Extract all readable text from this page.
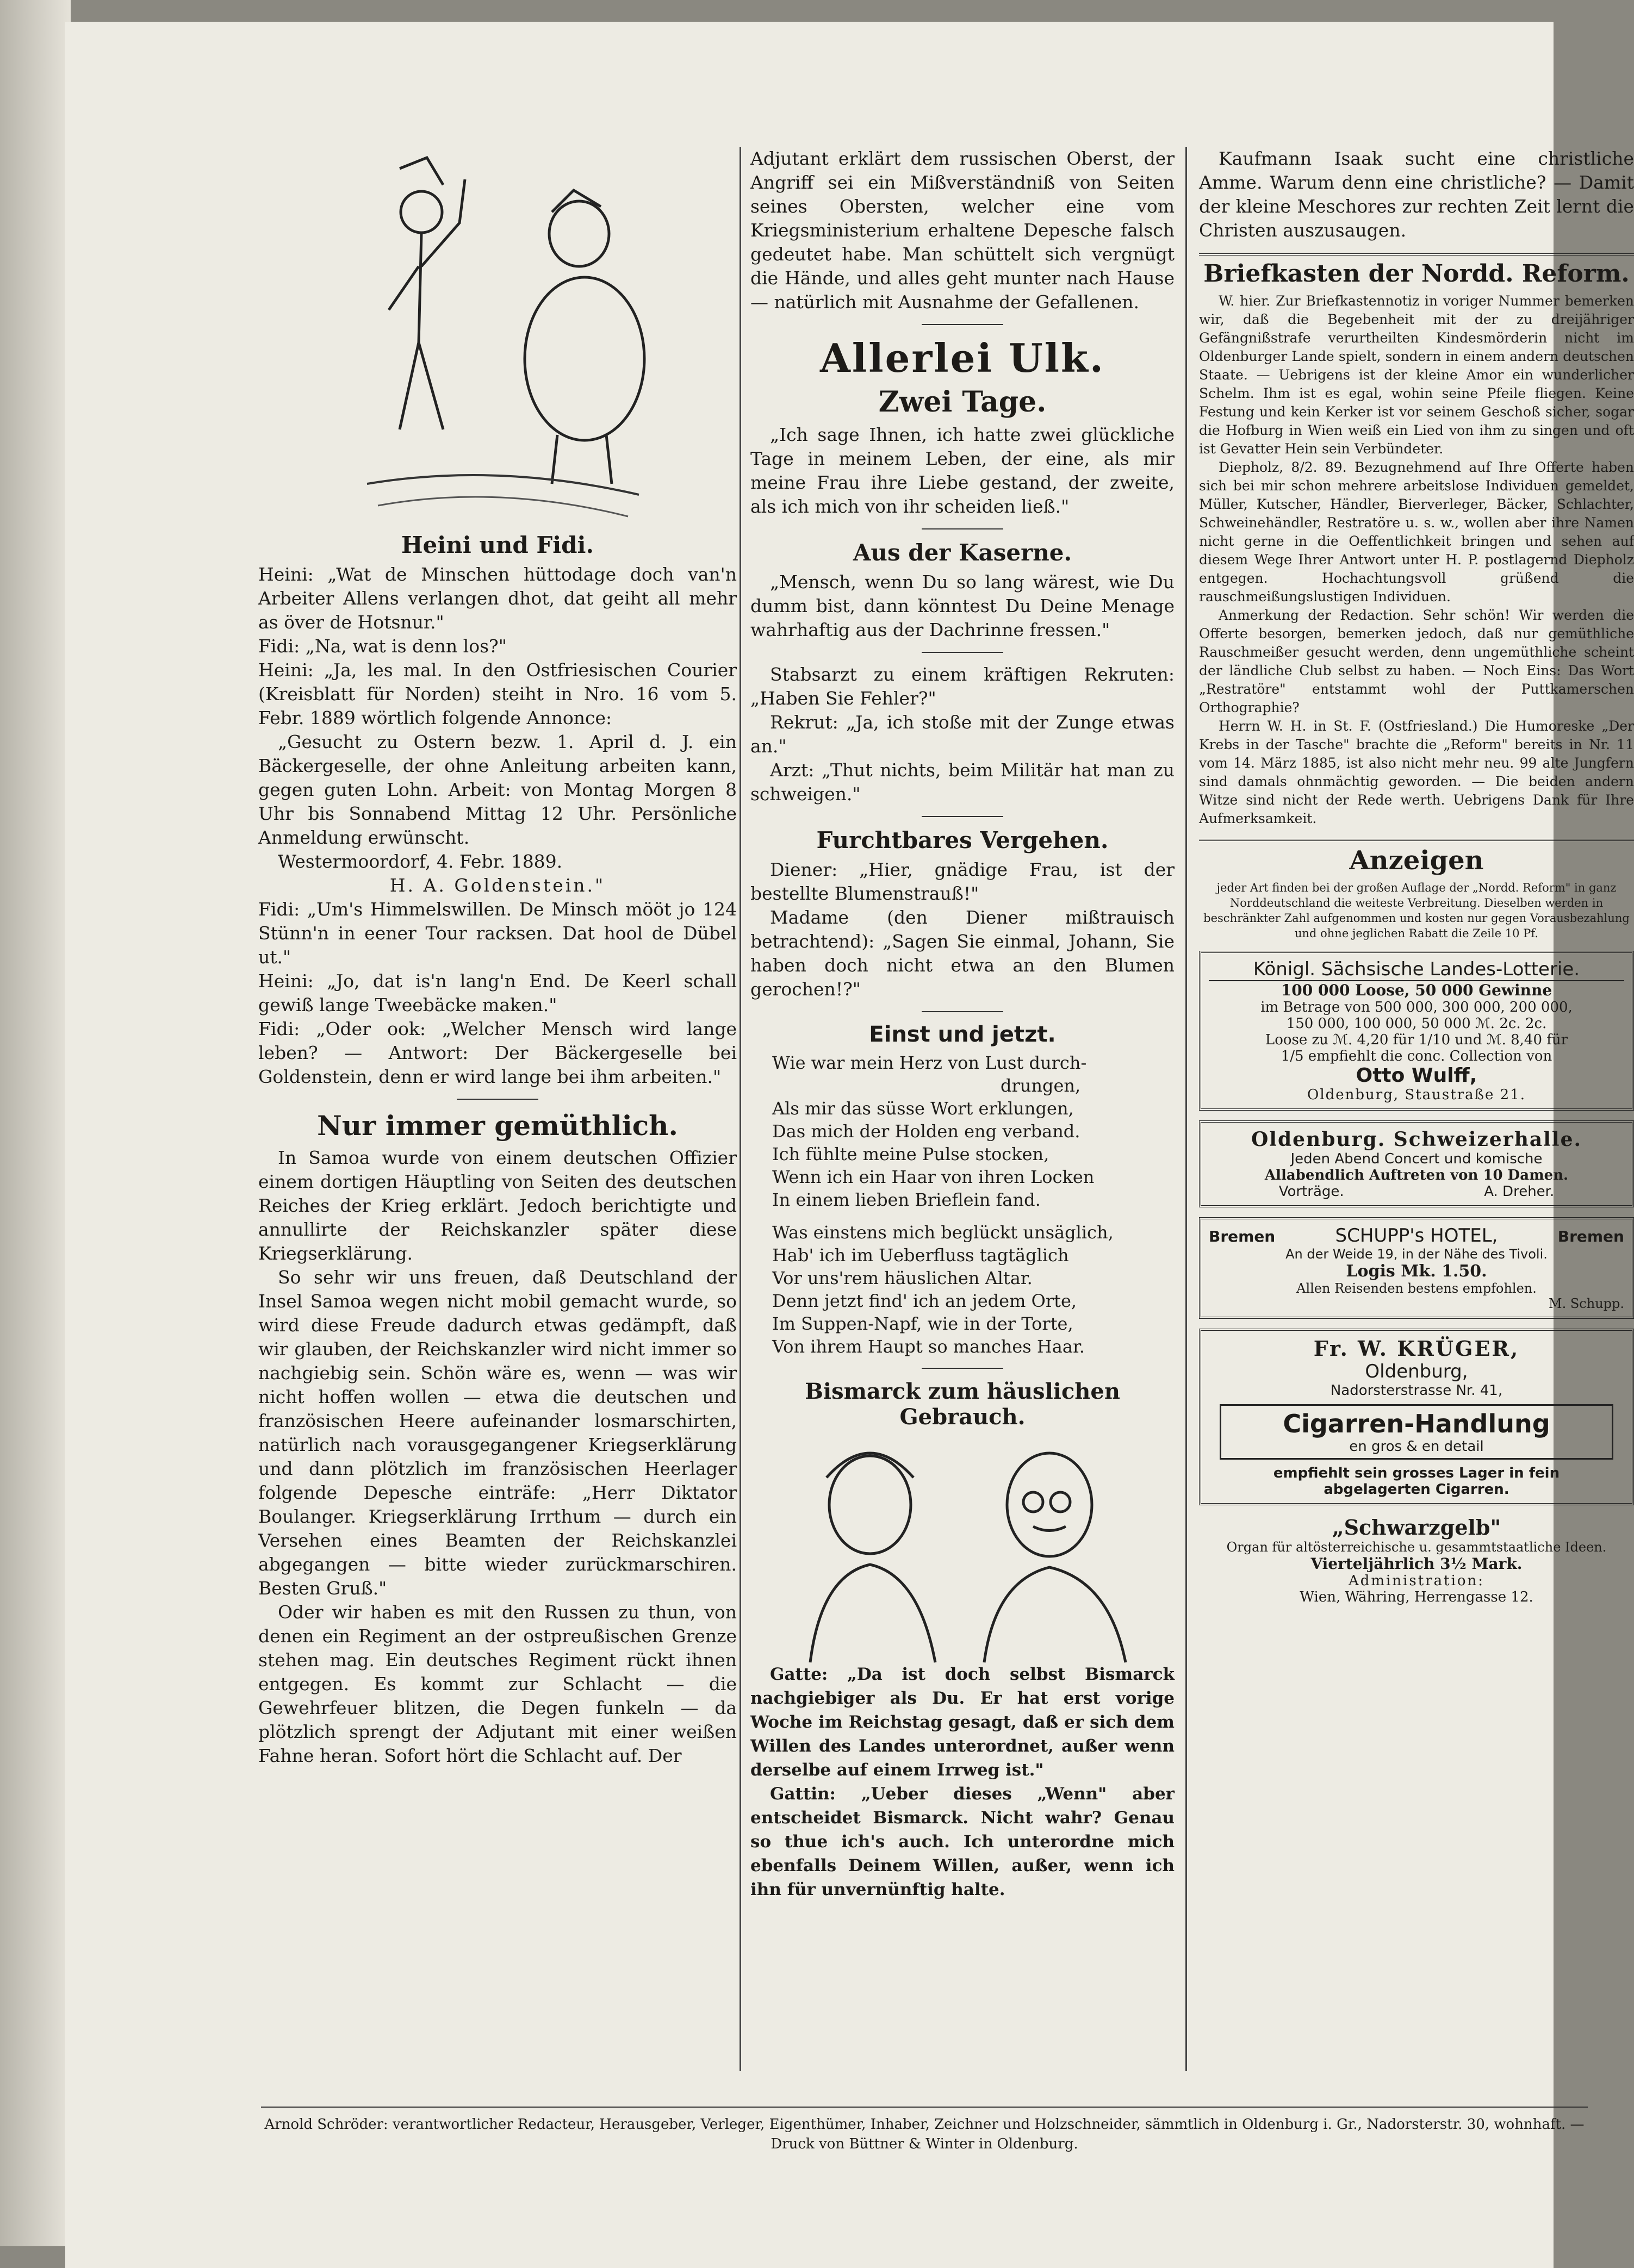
Heini und Fidi.

Heini: „Wat de Minschen hüttodage doch van'n Arbeiter Allens verlangen dhot, dat geiht all mehr as över de Hotsnur."

Fidi: „Na, wat is denn los?"

Heini: „Ja, les mal. In den Ostfriesischen Courier (Kreisblatt für Norden) steiht in Nro. 16 vom 5. Febr. 1889 wörtlich folgende Annonce:

„Gesucht zu Ostern bezw. 1. April d. J. ein Bäckergeselle, der ohne Anleitung arbeiten kann, gegen guten Lohn. Arbeit: von Montag Morgen 8 Uhr bis Sonnabend Mittag 12 Uhr. Persönliche Anmeldung erwünscht.

Westermoordorf, 4. Febr. 1889.

H. A. Goldenstein."

Fidi: „Um's Himmelswillen. De Minsch mööt jo 124 Stünn'n in eener Tour racksen. Dat hool de Dübel ut."

Heini: „Jo, dat is'n lang'n End. De Keerl schall gewiß lange Tweebäcke maken."

Fidi: „Oder ook: „Welcher Mensch wird lange leben? — Antwort: Der Bäckergeselle bei Goldenstein, denn er wird lange bei ihm arbeiten."

Nur immer gemüthlich.

In Samoa wurde von einem deutschen Offizier einem dortigen Häuptling von Seiten des deutschen Reiches der Krieg erklärt. Jedoch berichtigte und annullirte der Reichskanzler später diese Kriegserklärung.

So sehr wir uns freuen, daß Deutschland der Insel Samoa wegen nicht mobil gemacht wurde, so wird diese Freude dadurch etwas gedämpft, daß wir glauben, der Reichskanzler wird nicht immer so nachgiebig sein. Schön wäre es, wenn — was wir nicht hoffen wollen — etwa die deutschen und französischen Heere aufeinander losmarschirten, natürlich nach vorausgegangener Kriegserklärung und dann plötzlich im französischen Heerlager folgende Depesche einträfe: „Herr Diktator Boulanger. Kriegserklärung Irrthum — durch ein Versehen eines Beamten der Reichskanzlei abgegangen — bitte wieder zurückmarschiren. Besten Gruß."

Oder wir haben es mit den Russen zu thun, von denen ein Regiment an der ostpreußischen Grenze stehen mag. Ein deutsches Regiment rückt ihnen entgegen. Es kommt zur Schlacht — die Gewehrfeuer blitzen, die Degen funkeln — da plötzlich sprengt der Adjutant mit einer weißen Fahne heran. Sofort hört die Schlacht auf. Der

Adjutant erklärt dem russischen Oberst, der Angriff sei ein Mißverständniß von Seiten seines Obersten, welcher eine vom Kriegsministerium erhaltene Depesche falsch gedeutet habe. Man schüttelt sich vergnügt die Hände, und alles geht munter nach Hause — natürlich mit Ausnahme der Gefallenen.

Allerlei Ulk.
Zwei Tage.

„Ich sage Ihnen, ich hatte zwei glückliche Tage in meinem Leben, der eine, als mir meine Frau ihre Liebe gestand, der zweite, als ich mich von ihr scheiden ließ."

Aus der Kaserne.

„Mensch, wenn Du so lang wärest, wie Du dumm bist, dann könntest Du Deine Menage wahrhaftig aus der Dachrinne fressen."

Stabsarzt zu einem kräftigen Rekruten: „Haben Sie Fehler?"

Rekrut: „Ja, ich stoße mit der Zunge etwas an."

Arzt: „Thut nichts, beim Militär hat man zu schweigen."

Furchtbares Vergehen.

Diener: „Hier, gnädige Frau, ist der bestellte Blumenstrauß!"

Madame (den Diener mißtrauisch betrachtend): „Sagen Sie einmal, Johann, Sie haben doch nicht etwa an den Blumen gerochen!?"

Einst und jetzt.
Wie war mein Herz von Lust durch-
drungen,
Als mir das süsse Wort erklungen,
Das mich der Holden eng verband.
Ich fühlte meine Pulse stocken,
Wenn ich ein Haar von ihren Locken
In einem lieben Brieflein fand.
Was einstens mich beglückt unsäglich,
Hab' ich im Ueberfluss tagtäglich
Vor uns'rem häuslichen Altar.
Denn jetzt find' ich an jedem Orte,
Im Suppen-Napf, wie in der Torte,
Von ihrem Haupt so manches Haar.
Bismarck zum häuslichen Gebrauch.

Gatte: „Da ist doch selbst Bismarck nachgiebiger als Du. Er hat erst vorige Woche im Reichstag gesagt, daß er sich dem Willen des Landes unterordnet, außer wenn derselbe auf einem Irrweg ist."

Gattin: „Ueber dieses „Wenn" aber entscheidet Bismarck. Nicht wahr? Genau so thue ich's auch. Ich unterordne mich ebenfalls Deinem Willen, außer, wenn ich ihn für unvernünftig halte.

Kaufmann Isaak sucht eine christliche Amme. Warum denn eine christliche? — Damit der kleine Meschores zur rechten Zeit lernt die Christen auszusaugen.

Briefkasten der Nordd. Reform.

W. hier. Zur Briefkastennotiz in voriger Nummer bemerken wir, daß die Begebenheit mit der zu dreijähriger Gefängnißstrafe verurtheilten Kindesmörderin nicht im Oldenburger Lande spielt, sondern in einem andern deutschen Staate. — Uebrigens ist der kleine Amor ein wunderlicher Schelm. Ihm ist es egal, wohin seine Pfeile fliegen. Keine Festung und kein Kerker ist vor seinem Geschoß sicher, sogar die Hofburg in Wien weiß ein Lied von ihm zu singen und oft ist Gevatter Hein sein Verbündeter.

Diepholz, 8/2. 89. Bezugnehmend auf Ihre Offerte haben sich bei mir schon mehrere arbeitslose Individuen gemeldet, Müller, Kutscher, Händler, Bierverleger, Bäcker, Schlachter, Schweinehändler, Restratöre u. s. w., wollen aber ihre Namen nicht gerne in die Oeffentlichkeit bringen und sehen auf diesem Wege Ihrer Antwort unter H. P. postlagernd Diepholz entgegen. Hochachtungsvoll grüßend die rauschmeißungslustigen Individuen.

Anmerkung der Redaction. Sehr schön! Wir werden die Offerte besorgen, bemerken jedoch, daß nur gemüthliche Rauschmeißer gesucht werden, denn ungemüthliche scheint der ländliche Club selbst zu haben. — Noch Eins: Das Wort „Restratöre" entstammt wohl der Puttkamerschen Orthographie?

Herrn W. H. in St. F. (Ostfriesland.) Die Humoreske „Der Krebs in der Tasche" brachte die „Reform" bereits in Nr. 11 vom 14. März 1885, ist also nicht mehr neu. 99 alte Jungfern sind damals ohnmächtig geworden. — Die beiden andern Witze sind nicht der Rede werth. Uebrigens Dank für Ihre Aufmerksamkeit.

Anzeigen

jeder Art finden bei der großen Auflage der „Nordd. Reform" in ganz Norddeutschland die weiteste Verbreitung. Dieselben werden in beschränkter Zahl aufgenommen und kosten nur gegen Vorausbezahlung und ohne jeglichen Rabatt die Zeile 10 Pf.

Königl. Sächsische Landes-Lotterie.
100 000 Loose, 50 000 Gewinne
im Betrage von 500 000, 300 000, 200 000,
150 000, 100 000, 50 000 ℳ. 2c. 2c.
Loose zu ℳ. 4,20 für 1/10 und ℳ. 8,40 für
1/5 empfiehlt die conc. Collection von
Otto Wulff,
Oldenburg, Staustraße 21.
Oldenburg. Schweizerhalle.
Jeden Abend Concert und komische
Allabendlich Auftreten von 10 Damen.
Vorträge.	A. Dreher.
Bremen	SCHUPP's HOTEL,	Bremen
An der Weide 19, in der Nähe des Tivoli.
Logis Mk. 1.50.
Allen Reisenden bestens empfohlen.
M. Schupp.
Fr. W. KRÜGER,
Oldenburg,
Nadorsterstrasse Nr. 41,
Cigarren-Handlung
en gros & en detail
empfiehlt sein grosses Lager in fein
abgelagerten Cigarren.
„Schwarzgelb"
Organ für altösterreichische u. gesammtstaatliche Ideen.
Vierteljährlich 3½ Mark.
Administration:
Wien, Währing, Herrengasse 12.
Arnold Schröder: verantwortlicher Redacteur, Herausgeber, Verleger, Eigenthümer, Inhaber, Zeichner und Holzschneider, sämmtlich in Oldenburg i. Gr., Nadorsterstr. 30, wohnhaft. — Druck von Büttner & Winter in Oldenburg.
